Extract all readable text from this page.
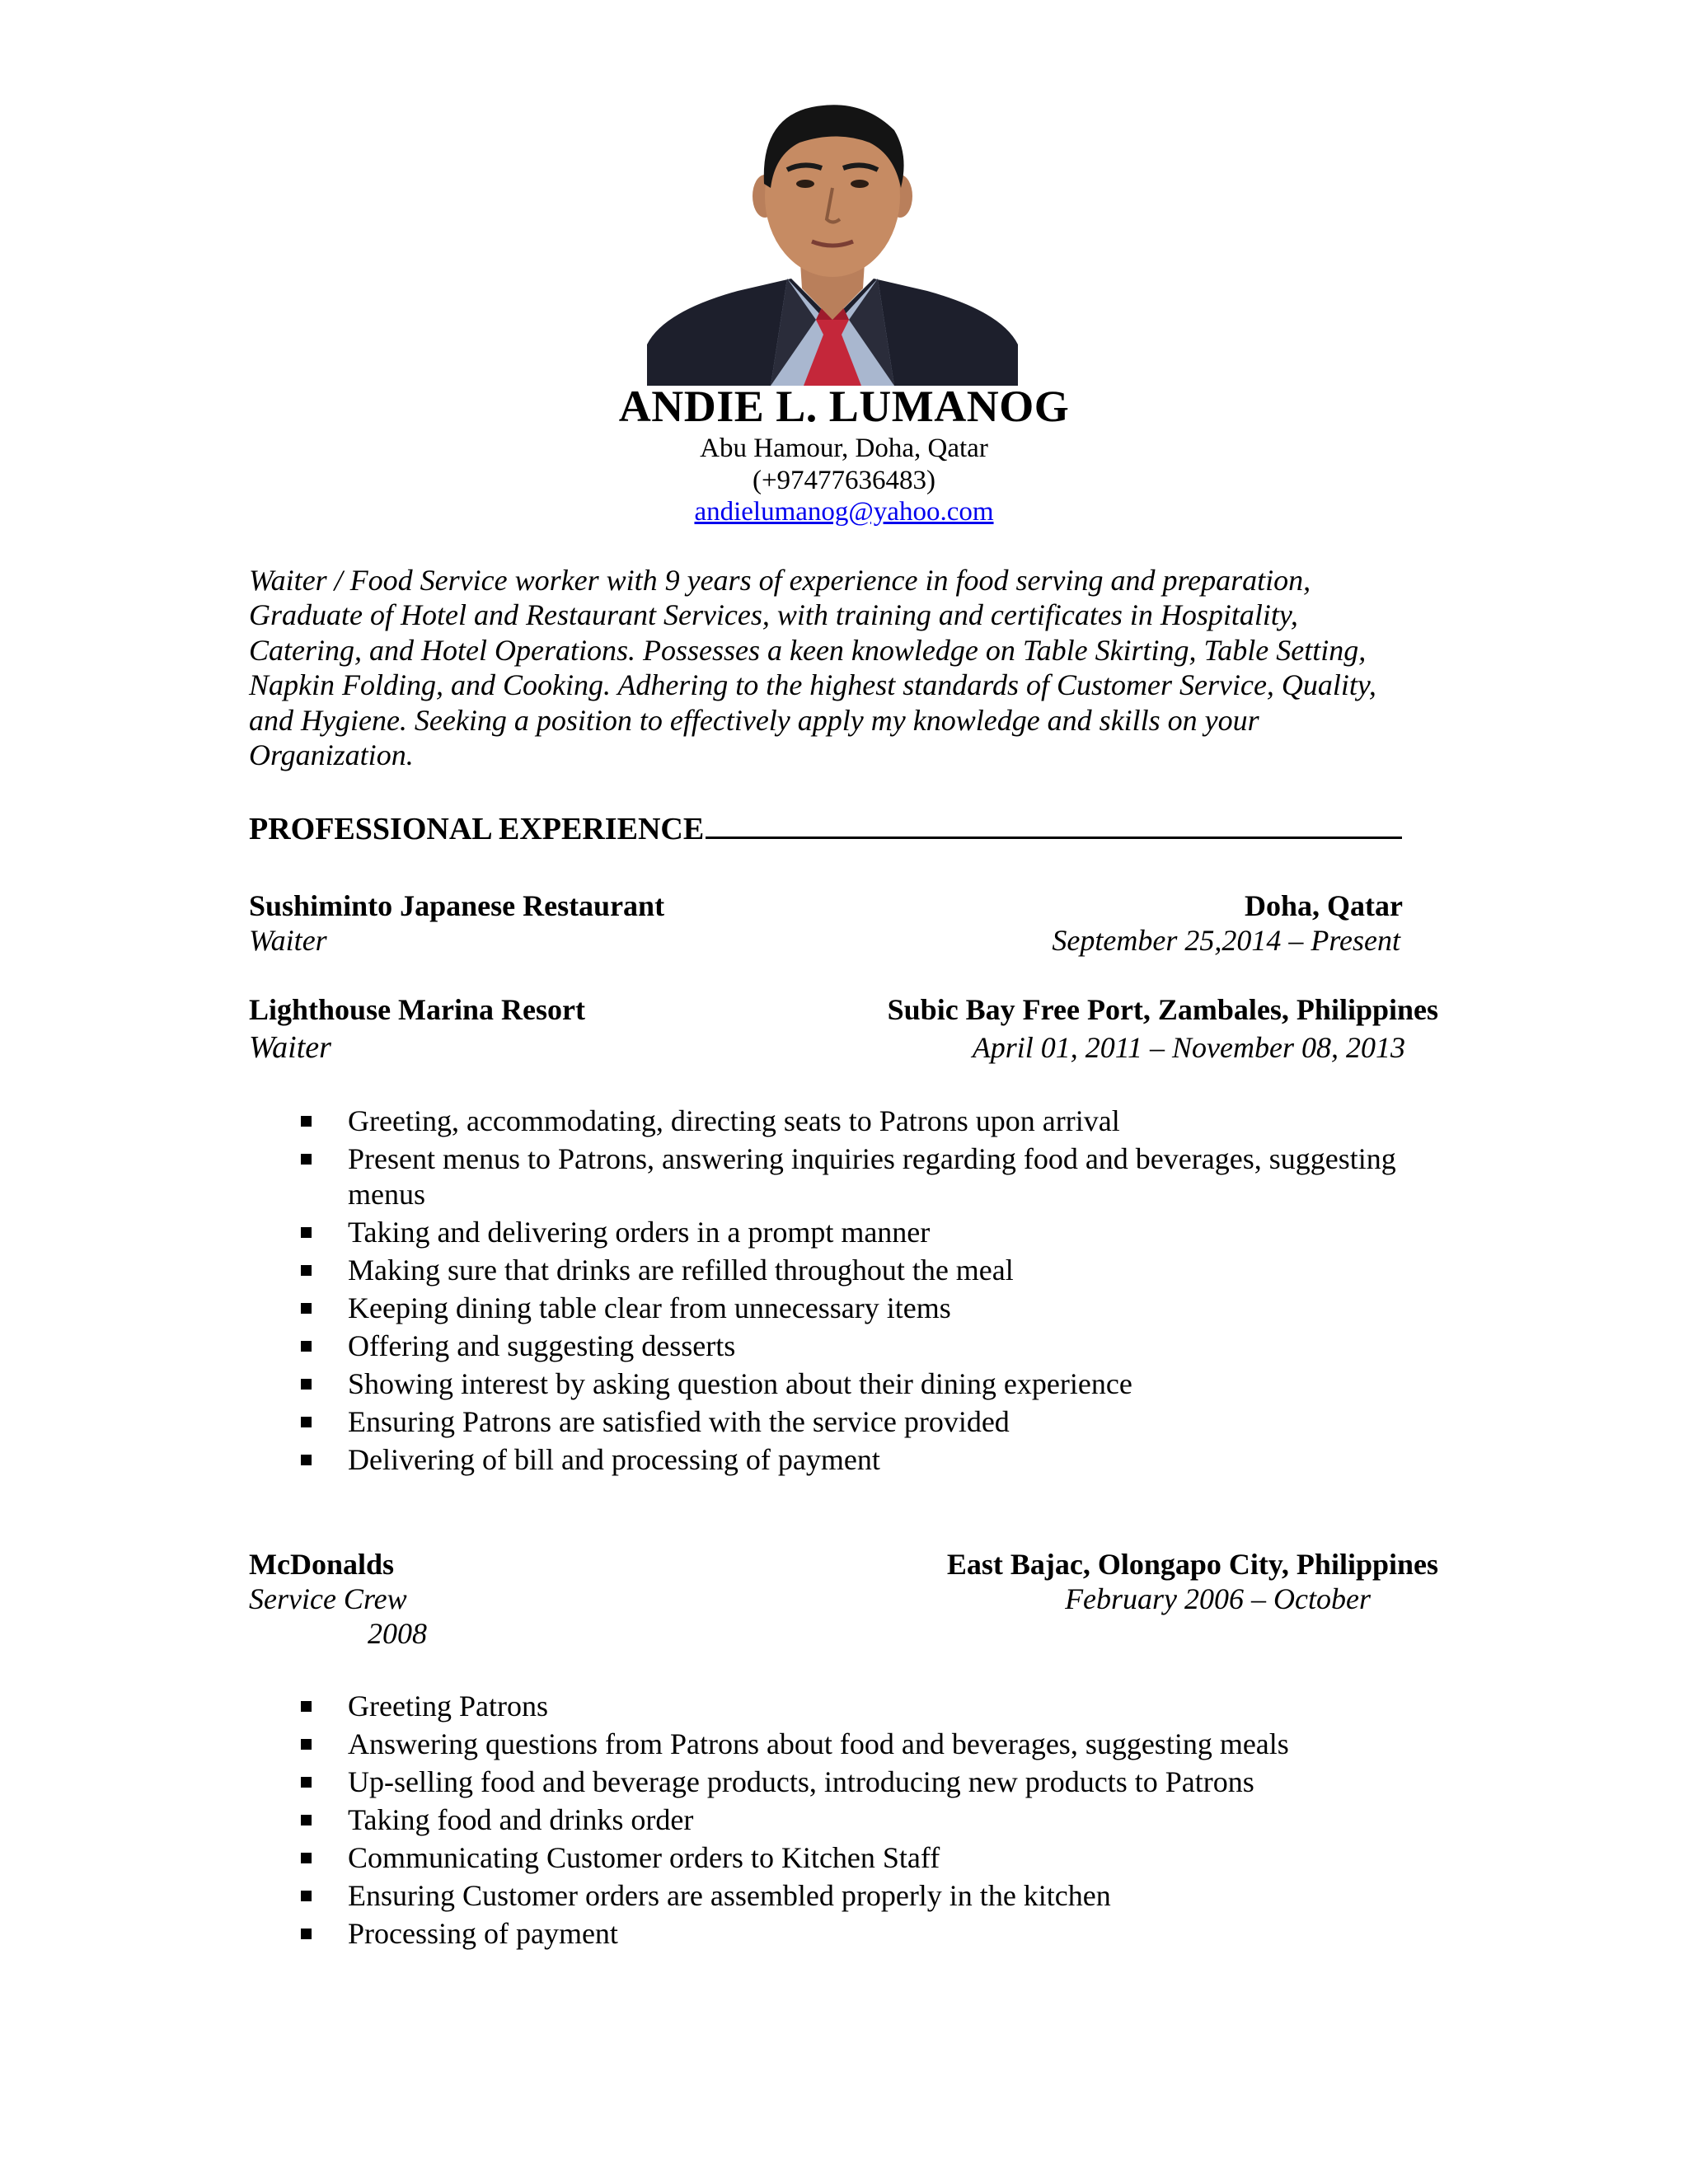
ANDIE L. LUMANOG
Abu Hamour, Doha, Qatar
(+97477636483)
andielumanog@yahoo.com
Waiter / Food Service worker with 9 years of experience in food serving and preparation,
Graduate of Hotel and Restaurant Services, with training and certificates in Hospitality,
Catering, and Hotel Operations. Possesses a keen knowledge on Table Skirting, Table Setting,
Napkin Folding, and Cooking. Adhering to the highest standards of Customer Service, Quality,
and Hygiene. Seeking a position to effectively apply my knowledge and skills on your
Organization.
PROFESSIONAL EXPERIENCE
Sushiminto Japanese Restaurant	Doha, Qatar
Waiter	September 25,2014 – Present
Lighthouse Marina Resort	Subic Bay Free Port, Zambales, Philippines
Waiter	April 01, 2011 – November 08, 2013
Greeting, accommodating, directing seats to Patrons upon arrival
Present menus to Patrons, answering inquiries regarding food and beverages, suggesting
menus
Taking and delivering orders in a prompt manner
Making sure that drinks are refilled throughout the meal
Keeping dining table clear from unnecessary items
Offering and suggesting desserts
Showing interest by asking question about their dining experience
Ensuring Patrons are satisfied with the service provided
Delivering of bill and processing of payment
McDonalds	East Bajac, Olongapo City, Philippines
Service Crew	February 2006 – October
2008
Greeting Patrons
Answering questions from Patrons about food and beverages, suggesting meals
Up-selling food and beverage products, introducing new products to Patrons
Taking food and drinks order
Communicating Customer orders to Kitchen Staff
Ensuring Customer orders are assembled properly in the kitchen
Processing of payment
